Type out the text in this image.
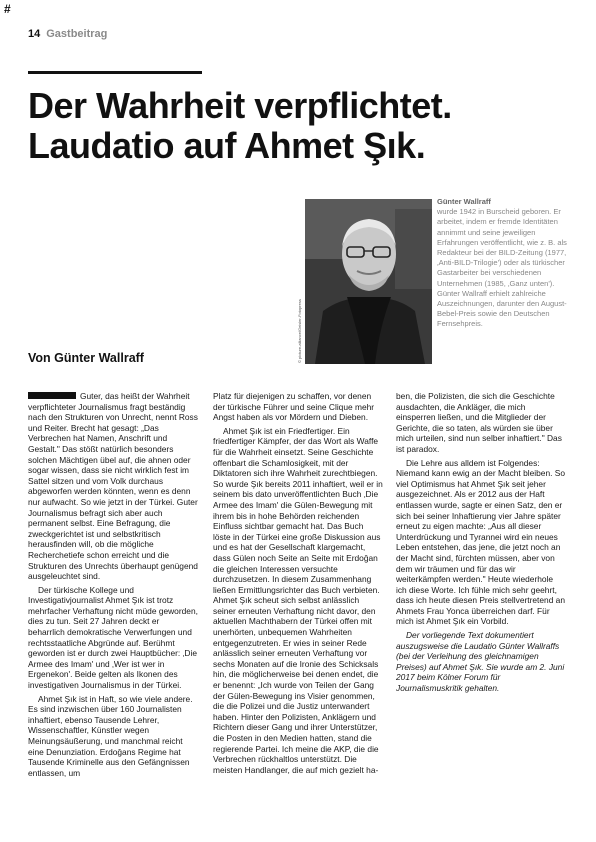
#
14 Gastbeitrag
Der Wahrheit verpflichtet.
Laudatio auf Ahmet Şık.
© picture-alliance/Geisler-Fotopress

Günter Wallraff
wurde 1942 in Burscheid geboren. Er arbeitet, indem er fremde Identitäten annimmt und seine jeweiligen Erfahrungen veröffentlicht, wie z. B. als Redakteur bei der BILD-Zeitung (1977, ‚Anti-BILD-Trilogie') oder als türkischer Gastarbeiter bei verschiedenen Unternehmen (1985, ‚Ganz unten'). Günter Wallraff erhielt zahlreiche Auszeichnungen, darunter den August-Bebel-Preis sowie den Deutschen Fernsehpreis.

Von Günter Wallraff

Guter, das heißt der Wahrheit verpflichteter Journalismus fragt beständig nach den Strukturen von Unrecht, nennt Ross und Reiter. Brecht hat gesagt: „Das Verbrechen hat Namen, Anschrift und Gestalt." Das stößt natürlich besonders solchen Mächtigen übel auf, die ahnen oder sogar wissen, dass sie nicht wirklich fest im Sattel sitzen und vom Volk durchaus abgeworfen werden könnten, wenn es denn nur aufwacht. So wie jetzt in der Türkei. Guter Journalismus befragt sich aber auch permanent selbst. Eine Befragung, die zweckgerichtet ist und selbstkritisch herausfinden will, ob die mögliche Recherchetiefe schon erreicht und die Strukturen des Unrechts überhaupt genügend ausgeleuchtet sind.

Der türkische Kollege und Investigativjournalist Ahmet Şık ist trotz mehrfacher Verhaftung nicht müde geworden, dies zu tun. Seit 27 Jahren deckt er beharrlich demokratische Verwerfungen und rechtsstaatliche Abgründe auf. Berühmt geworden ist er durch zwei Hauptbücher: ‚Die Armee des Imam' und ‚Wer ist wer in Ergenekon'. Beide gelten als Ikonen des investigativen Journalismus in der Türkei.

Ahmet Şık ist in Haft, so wie viele andere. Es sind inzwischen über 160 Journalisten inhaftiert, ebenso Tausende Lehrer, Wissenschaftler, Künstler wegen Meinungsäußerung, und manchmal reicht eine Denunziation. Erdoğans Regime hat Tausende Kriminelle aus den Gefängnissen entlassen, um

Platz für diejenigen zu schaffen, vor denen der türkische Führer und seine Clique mehr Angst haben als vor Mördern und Dieben.

Ahmet Şık ist ein Friedfertiger. Ein friedfertiger Kämpfer, der das Wort als Waffe für die Wahrheit einsetzt. Seine Geschichte offenbart die Schamlosigkeit, mit der Diktatoren sich ihre Wahrheit zurechtbiegen. So wurde Şık bereits 2011 inhaftiert, weil er in seinem bis dato unveröffentlichten Buch ‚Die Armee des Imam' die Gülen-Bewegung mit ihrem bis in hohe Behörden reichenden Einfluss sichtbar gemacht hat. Das Buch löste in der Türkei eine große Diskussion aus und es hat der Gesellschaft klargemacht, dass Gülen noch Seite an Seite mit Erdoğan die gleichen Interessen versuchte durchzusetzen. In diesem Zusammenhang ließen Ermittlungsrichter das Buch verbieten. Ahmet Şık scheut sich selbst anlässlich seiner erneuten Verhaftung nicht davor, den aktuellen Machthabern der Türkei offen mit unerhörten, unbequemen Wahrheiten entgegenzutreten. Er wies in seiner Rede anlässlich seiner erneuten Verhaftung vor sechs Monaten auf die Ironie des Schicksals hin, die möglicherweise bei denen endet, die er benennt: „Ich wurde von Teilen der Gang der Gülen-Bewegung ins Visier genommen, die die Polizei und die Justiz unterwandert haben. Hinter den Polizisten, Anklägern und Richtern dieser Gang und ihrer Unterstützer, die Posten in den Medien hatten, stand die regierende Partei. Ich meine die AKP, die die Verbrechen rückhaltlos unterstützt. Die meisten Handlanger, die auf mich gezielt ha-

ben, die Polizisten, die sich die Geschichte ausdachten, die Ankläger, die mich einsperren ließen, und die Mitglieder der Gerichte, die so taten, als würden sie über mich urteilen, sind nun selber inhaftiert." Das ist paradox.

Die Lehre aus alldem ist Folgendes: Niemand kann ewig an der Macht bleiben. So viel Optimismus hat Ahmet Şık seit jeher ausgezeichnet. Als er 2012 aus der Haft entlassen wurde, sagte er einen Satz, den er sich bei seiner Inhaftierung vier Jahre später erneut zu eigen machte: „Aus all dieser Unterdrückung und Tyrannei wird ein neues Leben entstehen, das jene, die jetzt noch an der Macht sind, fürchten müssen, aber von dem wir träumen und für das wir weiterkämpfen werden." Heute wiederhole ich diese Worte. Ich fühle mich sehr geehrt, dass ich heute diesen Preis stellvertretend an Ahmets Frau Yonca überreichen darf. Für mich ist Ahmet Şık ein Vorbild.

Der vorliegende Text dokumentiert auszugsweise die Laudatio Günter Wallraffs (bei der Verleihung des gleichnamigen Preises) auf Ahmet Şık. Sie wurde am 2. Juni 2017 beim Kölner Forum für Journalismuskritik gehalten.
